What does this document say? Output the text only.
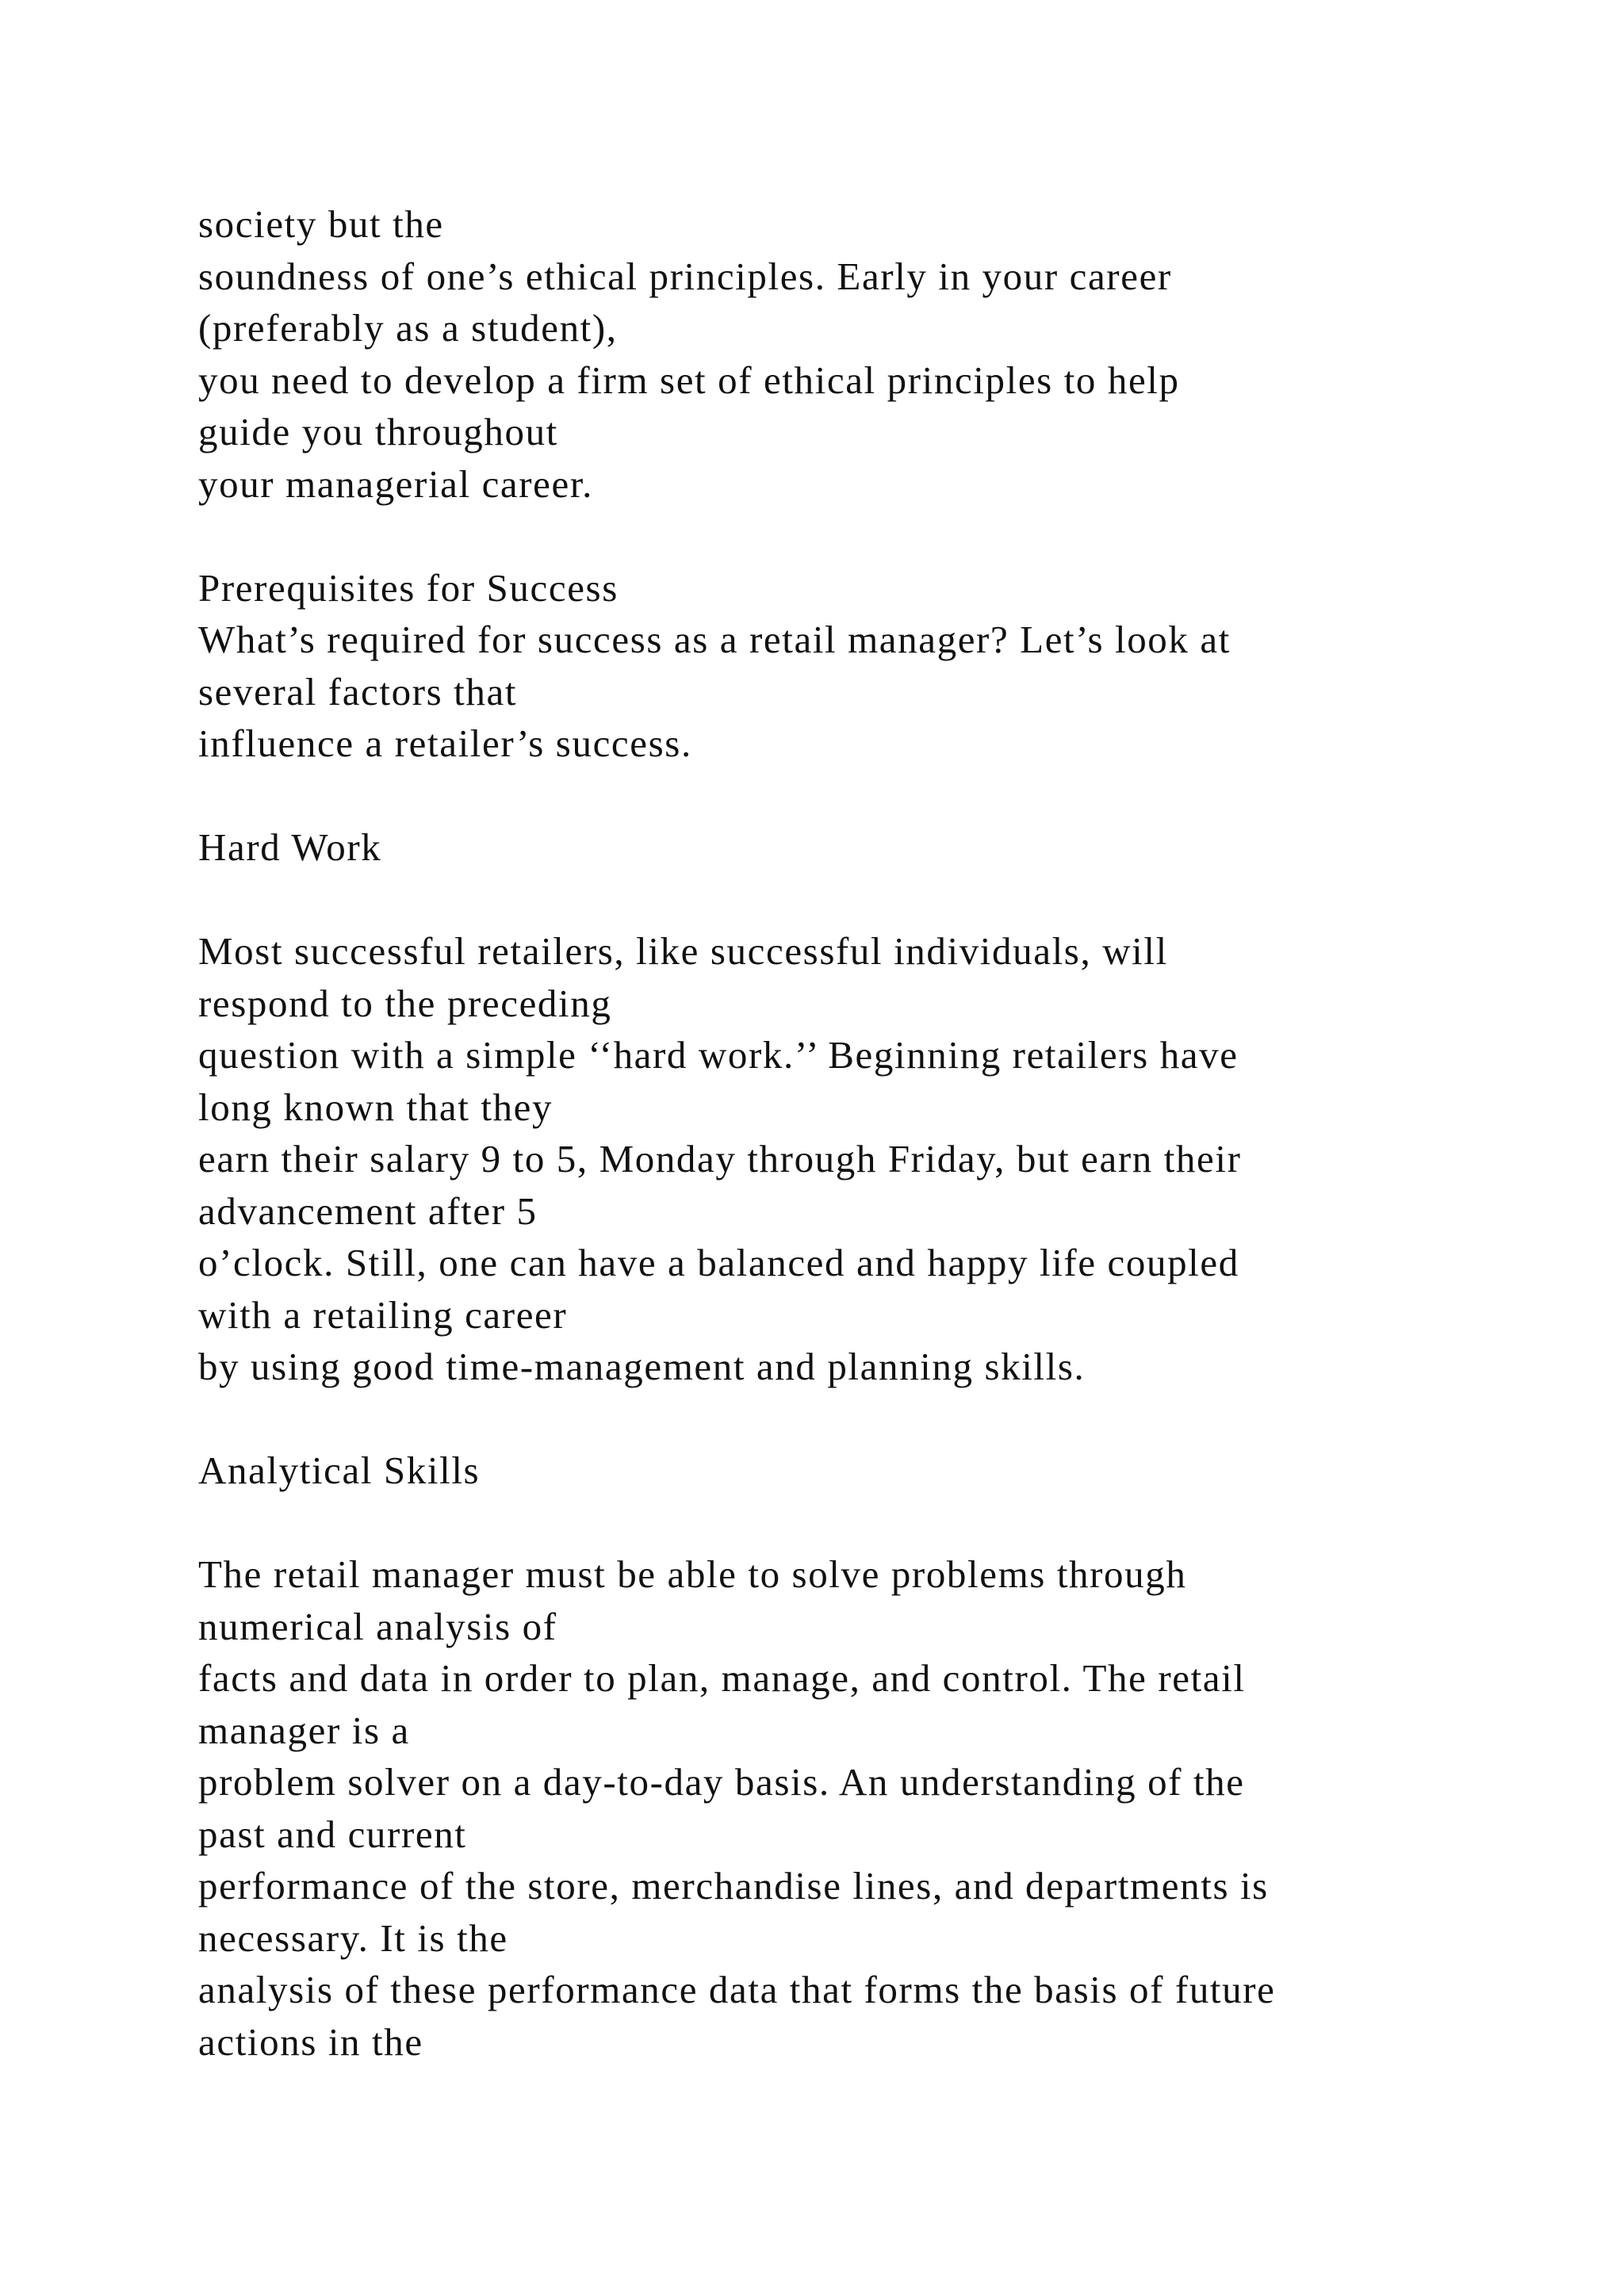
society but the
soundness of one’s ethical principles. Early in your career
(preferably as a student),
you need to develop a firm set of ethical principles to help
guide you throughout
your managerial career.
Prerequisites for Success
What’s required for success as a retail manager? Let’s look at
several factors that
influence a retailer’s success.
Hard Work
Most successful retailers, like successful individuals, will
respond to the preceding
question with a simple ‘‘hard work.’’ Beginning retailers have
long known that they
earn their salary 9 to 5, Monday through Friday, but earn their
advancement after 5
o’clock. Still, one can have a balanced and happy life coupled
with a retailing career
by using good time-management and planning skills.
Analytical Skills
The retail manager must be able to solve problems through
numerical analysis of
facts and data in order to plan, manage, and control. The retail
manager is a
problem solver on a day-to-day basis. An understanding of the
past and current
performance of the store, merchandise lines, and departments is
necessary. It is the
analysis of these performance data that forms the basis of future
actions in the
